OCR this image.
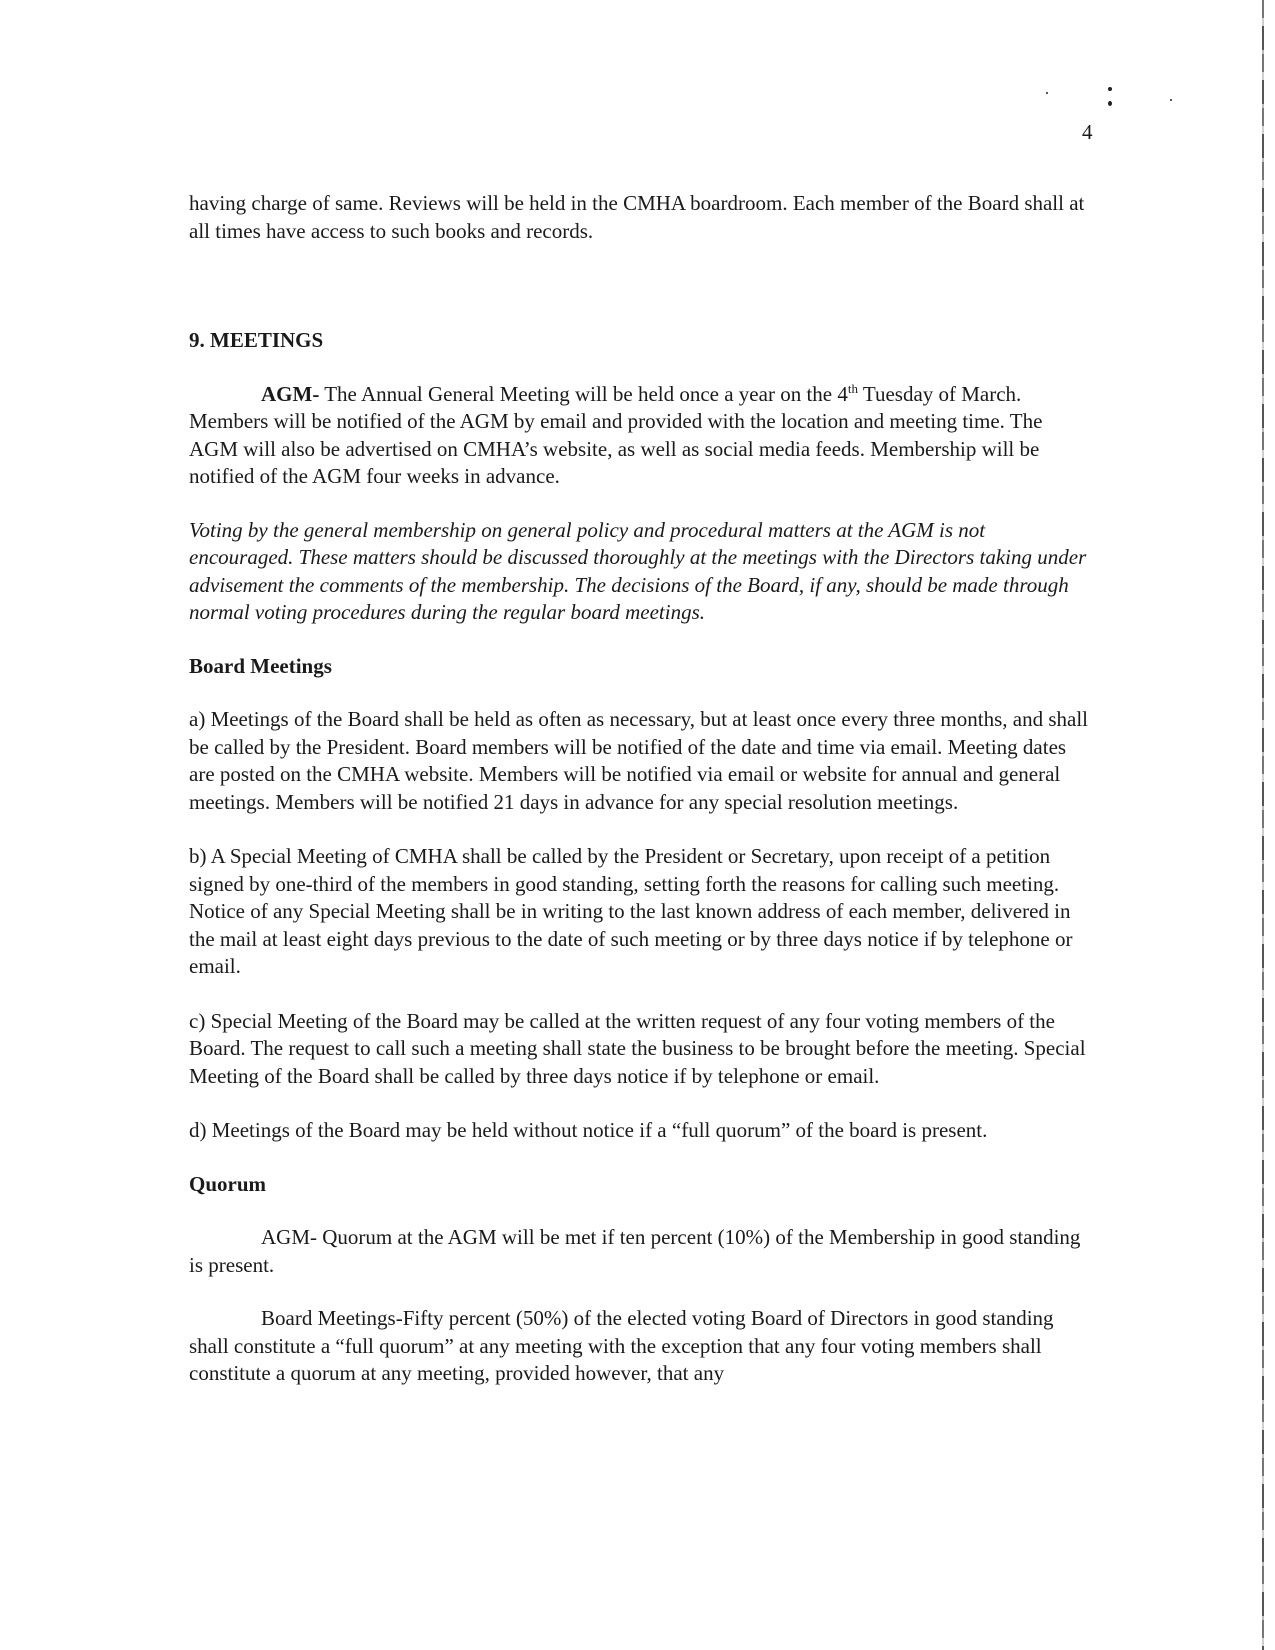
4

having charge of same. Reviews will be held in the CMHA boardroom. Each member of the Board shall at all times have access to such books and records.

9. MEETINGS

AGM- The Annual General Meeting will be held once a year on the 4th Tuesday of March. Members will be notified of the AGM by email and provided with the location and meeting time. The AGM will also be advertised on CMHA’s website, as well as social media feeds. Membership will be notified of the AGM four weeks in advance.

Voting by the general membership on general policy and procedural matters at the AGM is not encouraged. These matters should be discussed thoroughly at the meetings with the Directors taking under advisement the comments of the membership. The decisions of the Board, if any, should be made through normal voting procedures during the regular board meetings.

Board Meetings

a) Meetings of the Board shall be held as often as necessary, but at least once every three months, and shall be called by the President. Board members will be notified of the date and time via email. Meeting dates are posted on the CMHA website. Members will be notified via email or website for annual and general meetings. Members will be notified 21 days in advance for any special resolution meetings.

b) A Special Meeting of CMHA shall be called by the President or Secretary, upon receipt of a petition signed by one-third of the members in good standing, setting forth the reasons for calling such meeting. Notice of any Special Meeting shall be in writing to the last known address of each member, delivered in the mail at least eight days previous to the date of such meeting or by three days notice if by telephone or email.

c) Special Meeting of the Board may be called at the written request of any four voting members of the Board. The request to call such a meeting shall state the business to be brought before the meeting. Special Meeting of the Board shall be called by three days notice if by telephone or email.

d) Meetings of the Board may be held without notice if a “full quorum” of the board is present.

Quorum

AGM- Quorum at the AGM will be met if ten percent (10%) of the Membership in good standing is present.

Board Meetings-Fifty percent (50%) of the elected voting Board of Directors in good standing shall constitute a “full quorum” at any meeting with the exception that any four voting members shall constitute a quorum at any meeting, provided however, that any
